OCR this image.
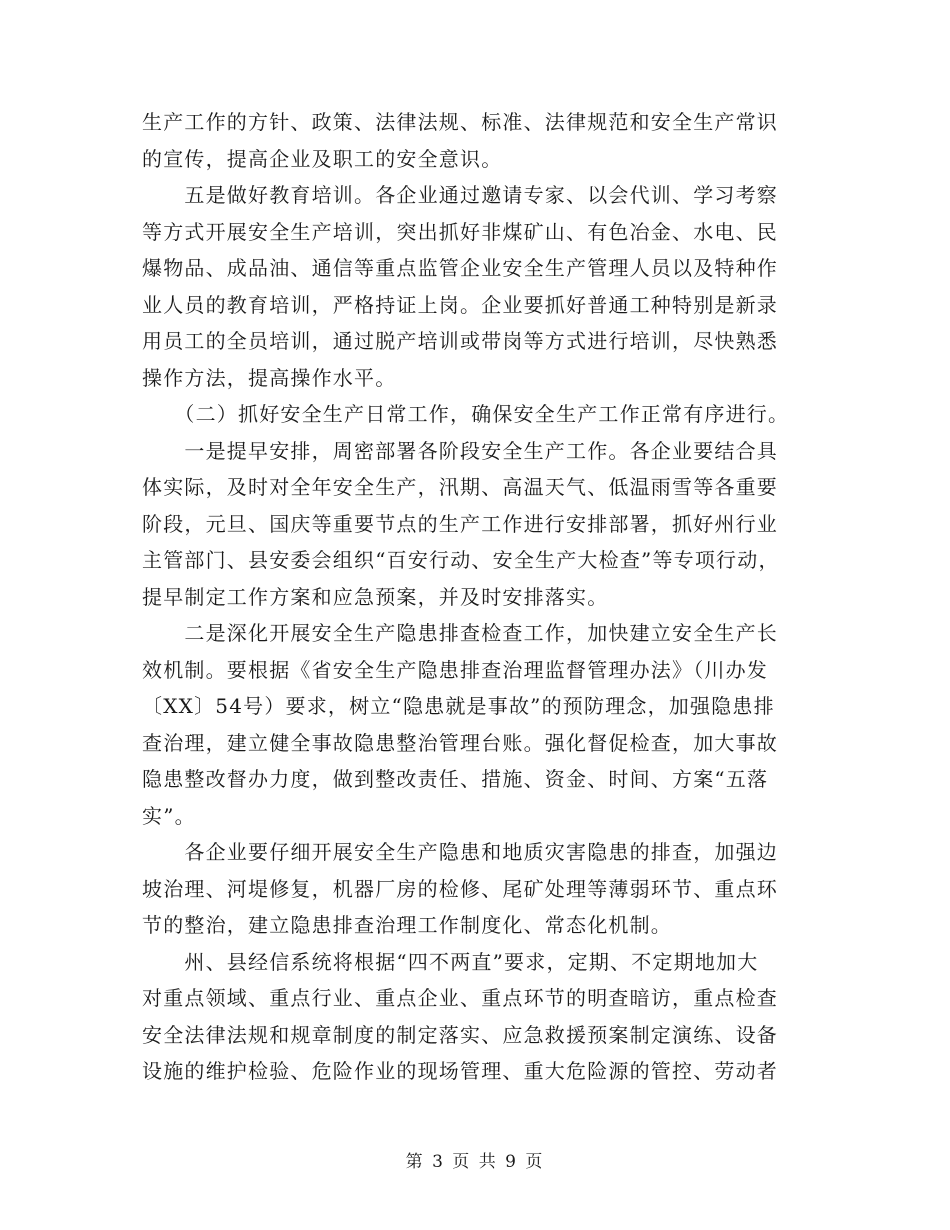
生产工作的方针、政策、法律法规、标准、法律规范和安全生产常识
的宣传，提高企业及职工的安全意识。
　　五是做好教育培训。各企业通过邀请专家、以会代训、学习考察
等方式开展安全生产培训，突出抓好非煤矿山、有色冶金、水电、民
爆物品、成品油、通信等重点监管企业安全生产管理人员以及特种作
业人员的教育培训，严格持证上岗。企业要抓好普通工种特别是新录
用员工的全员培训，通过脱产培训或带岗等方式进行培训，尽快熟悉
操作方法，提高操作水平。
　　（二）抓好安全生产日常工作，确保安全生产工作正常有序进行。
　　一是提早安排，周密部署各阶段安全生产工作。各企业要结合具
体实际，及时对全年安全生产，汛期、高温天气、低温雨雪等各重要
阶段，元旦、国庆等重要节点的生产工作进行安排部署，抓好州行业
主管部门、县安委会组织“百安行动、安全生产大检查”等专项行动，
提早制定工作方案和应急预案，并及时安排落实。
　　二是深化开展安全生产隐患排查检查工作，加快建立安全生产长
效机制。要根据《省安全生产隐患排查治理监督管理办法》（川办发
〔XX〕54号）要求，树立“隐患就是事故”的预防理念，加强隐患排
查治理，建立健全事故隐患整治管理台账。强化督促检查，加大事故
隐患整改督办力度，做到整改责任、措施、资金、时间、方案“五落
实”。
　　各企业要仔细开展安全生产隐患和地质灾害隐患的排查，加强边
坡治理、河堤修复，机器厂房的检修、尾矿处理等薄弱环节、重点环
节的整治，建立隐患排查治理工作制度化、常态化机制。
　　州、县经信系统将根据“四不两直”要求，定期、不定期地加大
对重点领域、重点行业、重点企业、重点环节的明查暗访，重点检查
安全法律法规和规章制度的制定落实、应急救援预案制定演练、设备
设施的维护检验、危险作业的现场管理、重大危险源的管控、劳动者
第 3 页 共 9 页
